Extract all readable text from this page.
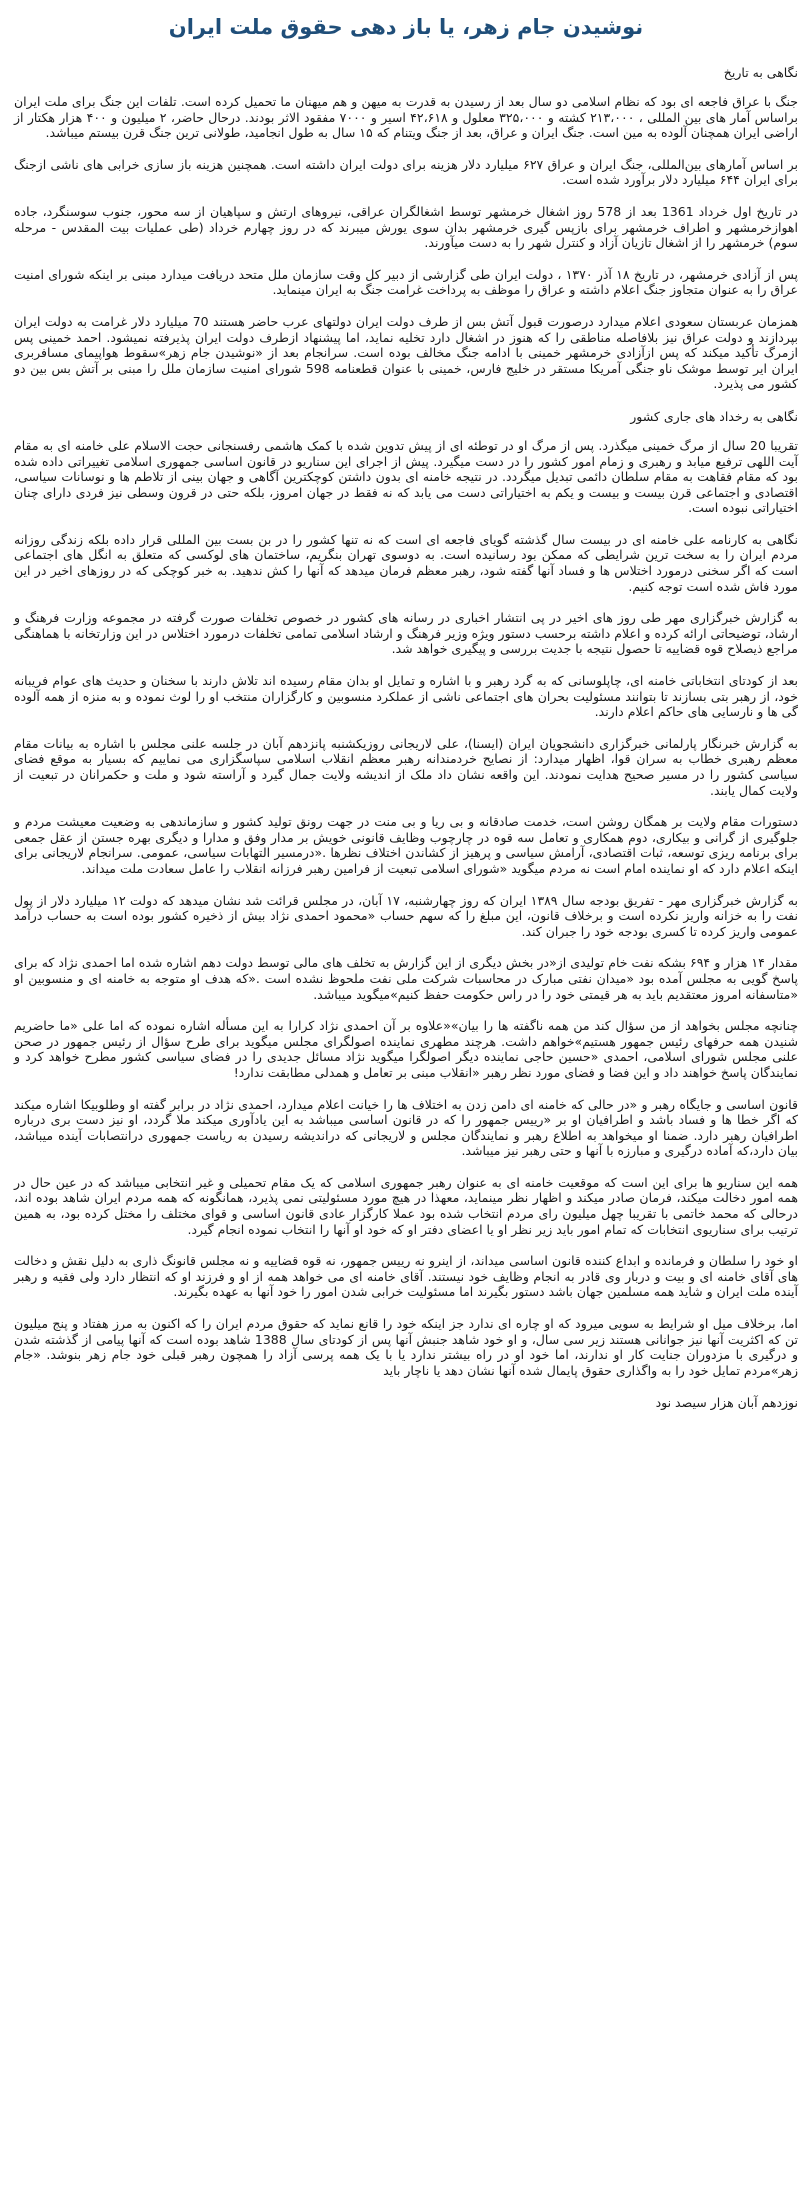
نوشیدن جام زهر، یا باز دهی حقوق ملت ایران
نگاهی به تاریخ

جنگ با عراق فاجعه ای بود که نظام اسلامی دو سال بعد از رسیدن به قدرت به میهن و هم میهنان ما تحمیل کرده است. تلفات این جنگ برای ملت ایران براساس آمار های بین المللی ، ۲۱۳،۰۰۰ کشته و ۳۲۵،۰۰۰ معلول و ۴۲،۶۱۸ اسیر و ۷۰۰۰ مفقود الاثر بودند. درحال حاضر، ۲ میلیون و ۴۰۰ هزار هکتار از اراضی ایران همچنان آلوده به مین است. جنگ ایران و عراق، بعد از جنگ ویتنام که ۱۵ سال به طول انجامید، طولانی ترین جنگ قرن بیستم میباشد.

بر اساس آمارهای بین‌المللی، جنگ ایران و عراق ۶۲۷ میلیارد دلار هزینه برای دولت ایران داشته است. همچنین هزینه باز سازی خرابی های ناشی ازجنگ برای ایران ۶۴۴ میلیارد دلار برآورد شده است.

در تاریخ اول خرداد 1361 بعد از 578 روز اشغال خرمشهر توسط اشغالگران عراقی، نیروهای ارتش و سپاهیان از سه محور، جنوب سوسنگرد، جاده اهوازخرمشهر و اطراف خرمشهر برای بازپس گیری خرمشهر بدان سوی یورش میبرند که در روز چهارم خرداد (طی عملیات بیت المقدس - مرحله سوم) خرمشهر را از اشغال تازیان آزاد و کنترل شهر را به دست میآورند.

پس از آزادی خرمشهر، در تاریخ ۱۸ آذر ۱۳۷۰ ، دولت ایران طی گزارشی از دبیر کل وقت سازمان ملل متحد دریافت میدارد مبنی بر اینکه شورای امنیت عراق را به عنوان متجاوز جنگ اعلام داشته و عراق را موظف به پرداخت غرامت جنگ به ایران مینماید.

همزمان عربستان سعودی اعلام میدارد درصورت قبول آتش بس از طرف دولت ایران دولتهای عرب حاضر هستند 70 میلیارد دلار غرامت به دولت ایران بپردازند و دولت عراق نیز بلافاصله مناطقی را که هنوز در اشغال دارد تخلیه نماید، اما پیشنهاد ازطرف دولت ایران پذیرفته نمیشود. احمد خمینی پس ازمرگ تأکید میکند که پس ازآزادی خرمشهر خمینی با ادامه جنگ مخالف بوده است. سرانجام بعد از «نوشیدن جام زهر»سقوط هواپیمای مسافربری ایران ایر توسط موشک ناو جنگی آمریکا مستقر در خلیج فارس، خمینی با عنوان قطعنامه 598 شورای امنیت سازمان ملل را مبنی بر آتش بس بین دو کشور می پذیرد.

نگاهی به رخداد های جاری کشور

تقریبا 20 سال از مرگ خمینی میگذرد. پس از مرگ او در توطئه ای از پیش تدوین شده با کمک هاشمی رفسنجانی حجت الاسلام علی خامنه ای به مقام آیت اللهی ترفیع میابد و رهبری و زمام امور کشور را در دست میگیرد. پیش از اجرای این سناریو در قانون اساسی جمهوری اسلامی تغییراتی داده شده بود که مقام فقاهت به مقام سلطان دائمی تبدیل میگردد. در نتیجه خامنه ای بدون داشتن کوچکترین آگاهی و جهان بینی از تلاطم ها و نوسانات سیاسی، اقتصادی و اجتماعی قرن بیست و بیست و یکم به اختیاراتی دست می یابد که نه فقط در جهان امروز، بلکه حتی در قرون وسطی نیز فردی دارای چنان اختیاراتی نبوده است.

نگاهی به کارنامه علی خامنه ای در بیست سال گذشته گویای فاجعه ای است که نه تنها کشور را در بن بست بین المللی قرار داده بلکه زندگی روزانه مردم ایران را به سخت ترین شرایطی که ممکن بود رسانیده است. به دوسوی تهران بنگریم، ساختمان های لوکسی که متعلق به انگل های اجتماعی است که اگر سخنی درمورد اختلاس ها و فساد آنها گفته شود، رهبر معظم فرمان میدهد که آنها را کش ندهید. به خبر کوچکی که در روزهای اخیر در این مورد فاش شده است توجه کنیم.

به گزارش خبرگزاری مهر طی روز های اخیر در پی انتشار اخباری در رسانه های کشور در خصوص تخلفات صورت گرفته در مجموعه وزارت فرهنگ و ارشاد، توضیحاتی ارائه کرده و اعلام داشته برحسب دستور ویژه وزیر فرهنگ و ارشاد اسلامی تمامی تخلفات درمورد اختلاس در این وزارتخانه با هماهنگی مراجع ذیصلاح قوه قضاییه تا حصول نتیجه با جدیت بررسی و پیگیری خواهد شد.

بعد از کودتای انتخاباتی خامنه ای، چاپلوسانی که به گرد رهبر و با اشاره و تمایل او بدان مقام رسیده اند تلاش دارند با سخنان و حدیث های عوام فریبانه خود، از رهبر بتی بسازند تا بتوانند مسئولیت بحران های اجتماعی ناشی از عملکرد منسوبین و کارگزاران منتخب او را لوث نموده و به منزه از همه آلوده گی ها و نارسایی های حاکم اعلام دارند.

به گزارش خبرنگار پارلمانی خبرگزاری دانشجویان ایران (ایسنا)، علی لاریجانی روزیکشنبه پانزدهم آبان در جلسه علنی مجلس با اشاره به بیانات مقام معظم رهبری خطاب به سران قوا، اظهار میدارد: از نصایح خردمندانه رهبر معظم انقلاب اسلامی سپاسگزاری می نماییم که بسیار به موقع فضای سیاسی کشور را در مسیر صحیح هدایت نمودند. این واقعه نشان داد ملک از اندیشه ولایت جمال گیرد و آراسته شود و ملت و حکمرانان در تبعیت از ولایت کمال یابند.

دستورات مقام ولایت بر همگان روشن است، خدمت صادقانه و بی ریا و بی منت در جهت رونق تولید کشور و سازماندهی به وضعیت معیشت مردم و جلوگیری از گرانی و بیکاری، دوم همکاری و تعامل سه قوه در چارچوب وظایف قانونی خویش بر مدار وفق و مدارا و دیگری بهره جستن از عقل جمعی برای برنامه ریزی توسعه، ثبات اقتصادی، آرامش سیاسی و پرهیز از کشاندن اختلاف نظرها .«درمسیر التهابات سیاسی، عمومی. سرانجام لاریجانی برای اینکه اعلام دارد که او نماینده امام است نه مردم میگوید «شورای اسلامی تبعیت از فرامین رهبر فرزانه انقلاب را عامل سعادت ملت میداند.

به گزارش خبرگزاری مهر - تفریق بودجه سال ۱۳۸۹ ایران که روز چهارشنبه، ۱۷ آبان، در مجلس قرائت شد نشان میدهد که دولت ۱۲ میلیارد دلار از پول نفت را به خزانه واریز نکرده است و برخلاف قانون، این مبلغ را که سهم حساب «محمود احمدی نژاد بیش از ذخیره کشور بوده است به حساب درآمد عمومی واریز کرده تا کسری بودجه خود را جبران کند.

مقدار ۱۴ هزار و ۶۹۴ بشکه نفت خام تولیدی از«در بخش دیگری از این گزارش به تخلف های مالی توسط دولت دهم اشاره شده اما احمدی نژاد که برای پاسخ گویی به مجلس آمده بود «میدان نفتی مبارک در محاسبات شرکت ملی نفت ملحوظ نشده است .«که هدف او متوجه به خامنه ای و منسوبین او «متاسفانه امروز معتقدیم باید به هر قیمتی خود را در راس حکومت حفظ کنیم»میگوید میباشد.

چنانچه مجلس بخواهد از من سؤال کند من همه ناگفته ها را بیان»«علاوه بر آن احمدی نژاد کرارا به این مسأله اشاره نموده که اما علی «ما حاضریم شنیدن همه حرفهای رئیس جمهور هستیم»خواهم داشت. هرچند مطهری نماینده اصولگرای مجلس میگوید برای طرح سؤال از رئیس جمهور در صحن علنی مجلس شورای اسلامی، احمدی «حسین حاجی نماینده دیگر اصولگرا میگوید نژاد مسائل جدیدی را در فضای سیاسی کشور مطرح خواهد کرد و نمایندگان پاسخ خواهند داد و این فضا و فضای مورد نظر رهبر «انقلاب مبنی بر تعامل و همدلی مطابقت ندارد!

قانون اساسی و جایگاه رهبر و «در حالی که خامنه ای دامن زدن به اختلاف ها را خیانت اعلام میدارد، احمدی نژاد در برابر گفته او وطلوبیکا اشاره میکند که اگر خطا ها و فساد باشد و اطرافیان او بر «رییس جمهور را که در قانون اساسی میباشد به این یادآوری میکند ملا گردد، او نیز دست بری درباره اطرافیان رهبر دارد. ضمنا او میخواهد به اطلاع رهبر و نمایندگان مجلس و لاریجانی که دراندیشه رسیدن به ریاست جمهوری درانتصابات آینده میباشد، بیان دارد،که آماده درگیری و مبارزه با آنها و حتی رهبر نیز میباشد.

همه این سناریو ها برای این است که موقعیت خامنه ای به عنوان رهبر جمهوری اسلامی که یک مقام تحمیلی و غیر انتخابی میباشد که در عین حال در همه امور دخالت میکند، فرمان صادر میکند و اظهار نظر مینماید، معهذا در هیچ مورد مسئولیتی نمی پذیرد، همانگونه که همه مردم ایران شاهد بوده اند، درحالی که محمد خاتمی با تقریبا چهل میلیون رای مردم انتخاب شده بود عملا کارگزار عادی قانون اساسی و قوای مختلف را مختل کرده بود، به همین ترتیب برای سناریوی انتخابات که تمام امور باید زیر نظر او یا اعضای دفتر او که خود او آنها را انتخاب نموده انجام گیرد.

او خود را سلطان و فرمانده و ابداع کننده قانون اساسی میداند، از اینرو نه رییس جمهور، نه قوه قضاییه و نه مجلس قانونگ ذاری به دلیل نقش و دخالت های آقای خامنه ای و بیت و دربار وی قادر به انجام وظایف خود نیستند. آقای خامنه ای می خواهد همه از او و فرزند او که انتظار دارد ولی فقیه و رهبر آینده ملت ایران و شاید همه مسلمین جهان باشد دستور بگیرند اما مسئولیت خرابی شدن امور را خود آنها به عهده بگیرند.

اما، برخلاف میل او شرایط به سویی میرود که او چاره ای ندارد جز اینکه خود را قانع نماید که حقوق مردم ایران را که اکنون به مرز هفتاد و پنج میلیون تن که اکثریت آنها نیز جوانانی هستند زیر سی سال، و او خود شاهد جنبش آنها پس از کودتای سال 1388 شاهد بوده است که آنها پیامی از گذشته شدن و درگیری با مزدوران جنایت کار او ندارند، اما خود او در راه بیشتر ندارد یا با یک همه پرسی آزاد را همچون رهبر قبلی خود جام زهر بنوشد. «جام زهر»مردم تمایل خود را به واگذاری حقوق پایمال شده آنها نشان دهد یا ناچار باید

نوزدهم آبان هزار سیصد نود
